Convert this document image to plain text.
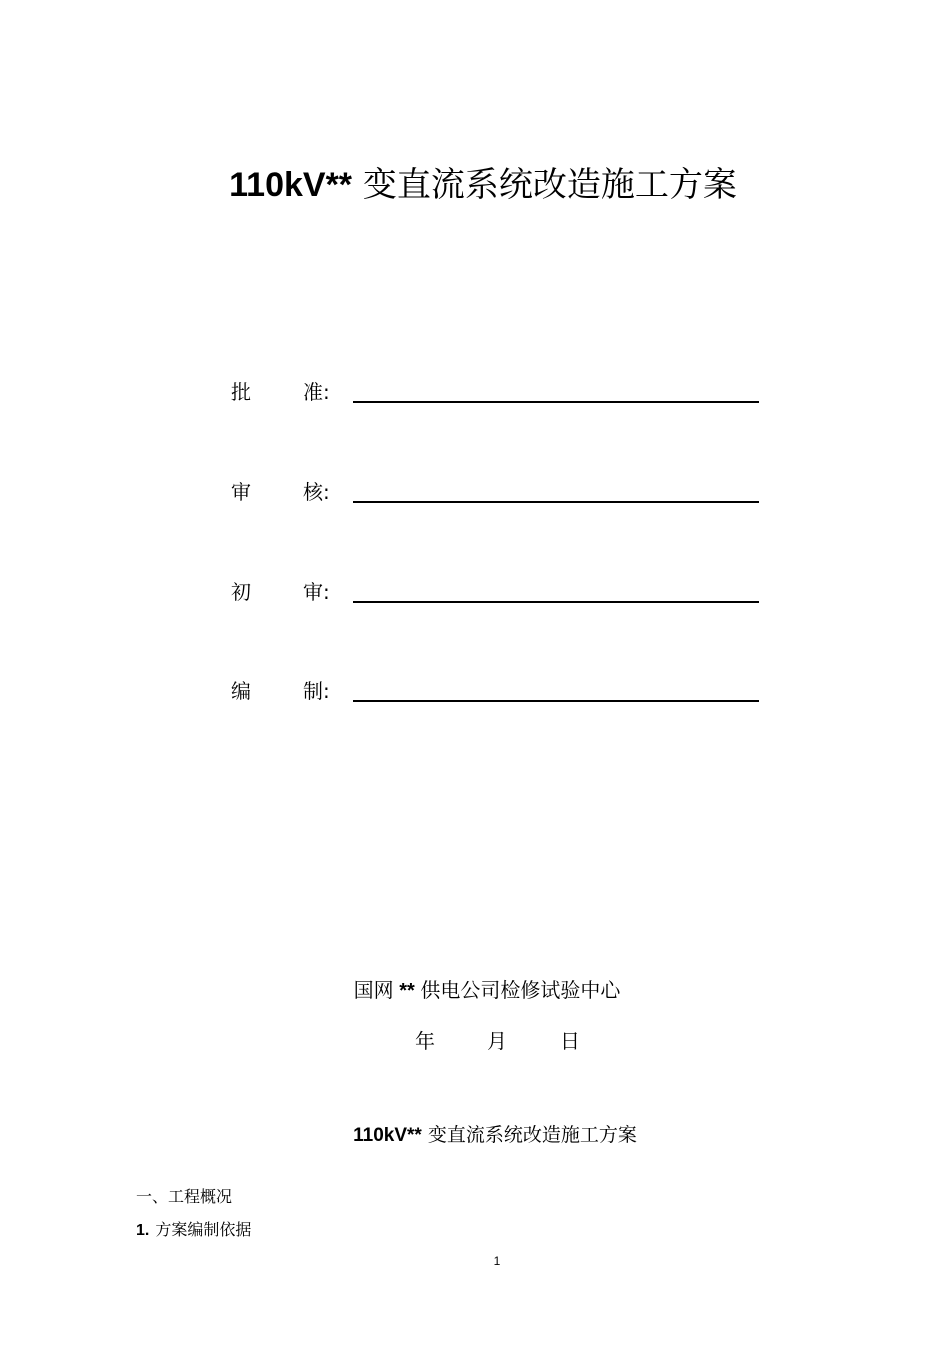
110kV** 变直流系统改造施工方案
批	准:
审	核:
初	审:
编	制:
国网 ** 供电公司检修试验中心
年	月	日
110kV** 变直流系统改造施工方案
一、工程概况
1. 方案编制依据
1
